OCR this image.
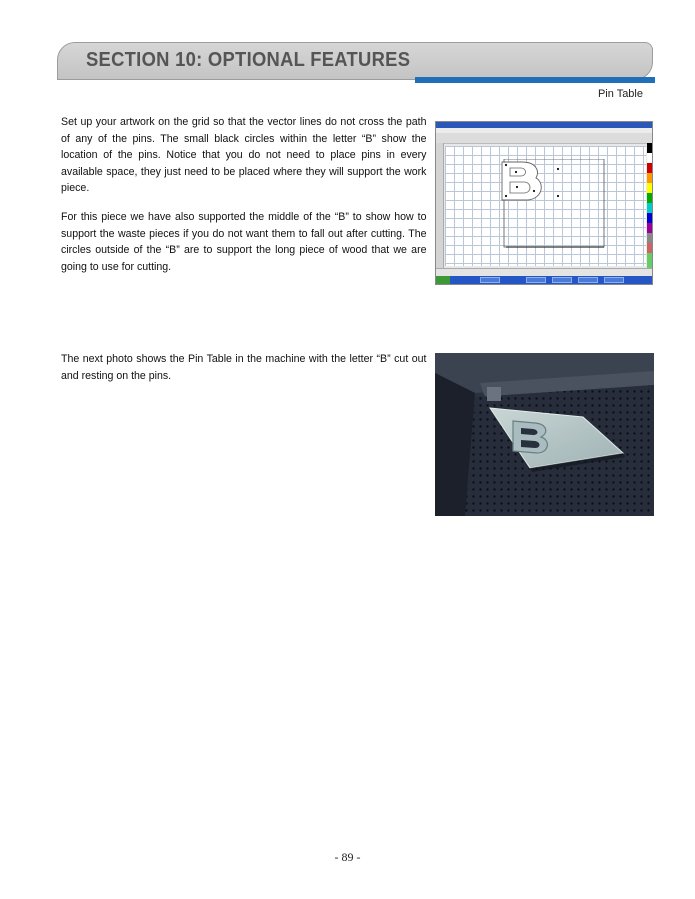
SECTION 10: OPTIONAL FEATURES
Pin Table

Set up your artwork on the grid so that the vector lines do not cross the path of any of the pins. The small black circles within the letter “B” show the location of the pins. Notice that you do not need to place pins in every available space, they just need to be placed where they will support the work piece.

For this piece we have also supported the middle of the “B” to show how to support the waste pieces if you do not want them to fall out after cutting. The circles outside of the “B” are to support the long piece of wood that we are going to use for cutting.

The next photo shows the Pin Table in the machine with the letter “B” cut out and resting on the pins.

- 89 -
